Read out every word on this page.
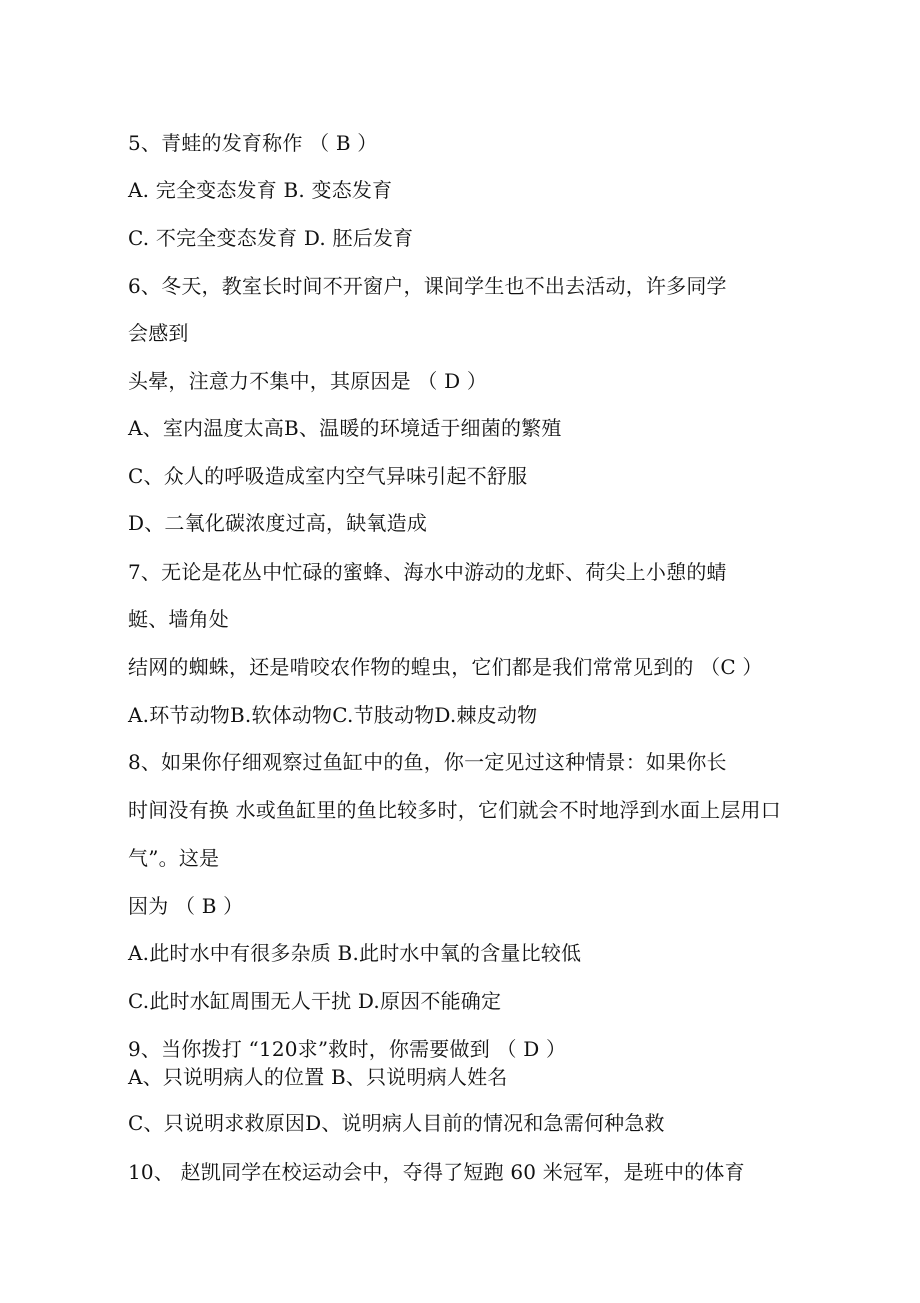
5、青蛙的发育称作 （ B ）
A. 完全变态发育 B. 变态发育
C. 不完全变态发育 D. 胚后发育
6、冬天，教室长时间不开窗户，课间学生也不出去活动，许多同学
会感到
头晕，注意力不集中，其原因是 （ D ）
A、室内温度太高B、温暖的环境适于细菌的繁殖
C、众人的呼吸造成室内空气异味引起不舒服
D、二氧化碳浓度过高，缺氧造成
7、无论是花丛中忙碌的蜜蜂、海水中游动的龙虾、荷尖上小憩的蜻
蜓、墙角处
结网的蜘蛛，还是啃咬农作物的蝗虫，它们都是我们常常见到的 （C ）
A.环节动物B.软体动物C.节肢动物D.棘皮动物
8、如果你仔细观察过鱼缸中的鱼，你一定见过这种情景：如果你长
时间没有换 水或鱼缸里的鱼比较多时，它们就会不时地浮到水面上层用口
气”。这是
因为 （ B ）
A.此时水中有很多杂质 B.此时水中氧的含量比较低
C.此时水缸周围无人干扰 D.原因不能确定
9、当你拨打 “120求”救时，你需要做到 （ D ）
A、只说明病人的位置 B、只说明病人姓名
C、只说明求救原因D、说明病人目前的情况和急需何种急救
10、 赵凯同学在校运动会中，夺得了短跑 60 米冠军，是班中的体育
